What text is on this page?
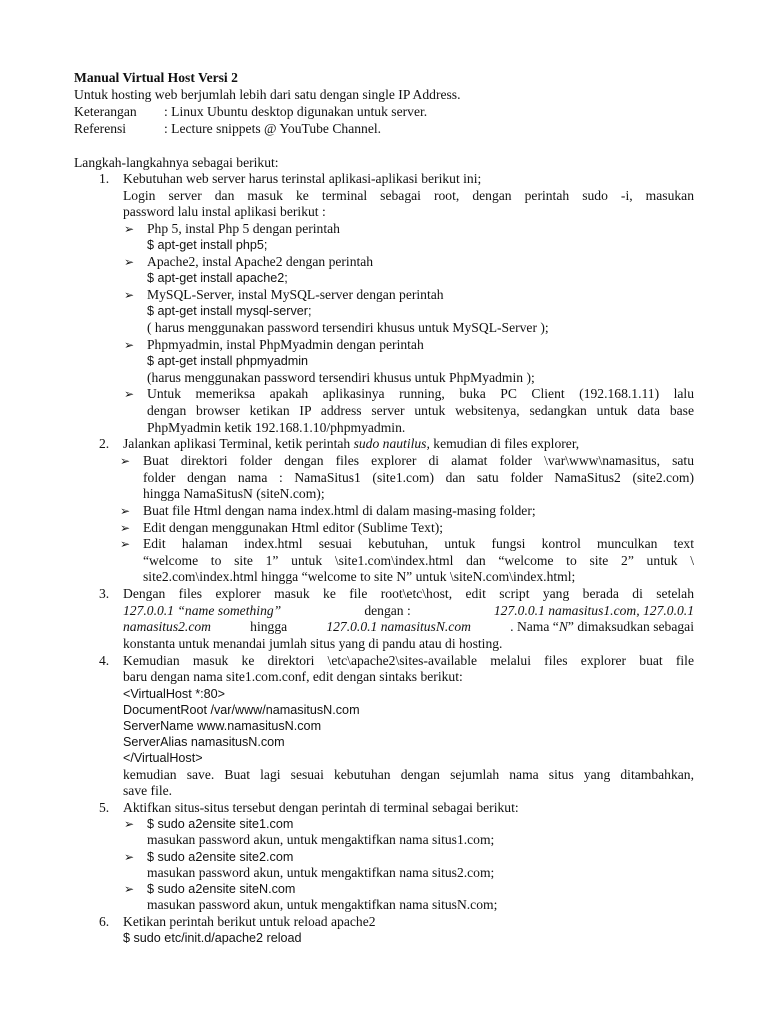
Manual Virtual Host Versi 2
Untuk hosting web berjumlah lebih dari satu dengan single IP Address.
Keterangan : Linux Ubuntu desktop digunakan untuk server.
Referensi	: Lecture snippets @ YouTube Channel.
Langkah-langkahnya sebagai berikut:
1. Kebutuhan web server harus terinstal aplikasi-aplikasi berikut ini;
Login server dan masuk ke terminal sebagai root, dengan perintah sudo -i, masukan
password lalu instal aplikasi berikut :
➢ Php 5, instal Php 5 dengan perintah
$ apt-get install php5;
➢ Apache2, instal Apache2 dengan perintah
$ apt-get install apache2;
➢ MySQL-Server, instal MySQL-server dengan perintah
$ apt-get install mysql-server;
( harus menggunakan password tersendiri khusus untuk MySQL-Server );
➢ Phpmyadmin, instal PhpMyadmin dengan perintah
$ apt-get install phpmyadmin
(harus menggunakan password tersendiri khusus untuk PhpMyadmin );
➢ Untuk memeriksa apakah aplikasinya running, buka PC Client (192.168.1.11) lalu
dengan browser ketikan IP address server untuk websitenya, sedangkan untuk data base
PhpMyadmin ketik 192.168.1.10/phpmyadmin.
2. Jalankan aplikasi Terminal, ketik perintah sudo nautilus, kemudian di files explorer,
➢ Buat direktori folder dengan files explorer di alamat folder \var\www\namasitus, satu
folder dengan nama : NamaSitus1 (site1.com) dan satu folder NamaSitus2 (site2.com)
hingga NamaSitusN (siteN.com);
➢ Buat file Html dengan nama index.html di dalam masing-masing folder;
➢ Edit dengan menggunakan Html editor (Sublime Text);
➢ Edit halaman index.html sesuai kebutuhan, untuk fungsi kontrol munculkan text
“welcome to site 1” untuk \site1.com\index.html dan “welcome to site 2” untuk \
site2.com\index.html hingga “welcome to site N” untuk \siteN.com\index.html;
3. Dengan files explorer masuk ke file root\etc\host, edit script yang berada di setelah
127.0.0.1 “name something”	dengan :	127.0.0.1 namasitus1.com, 127.0.0.1
namasitus2.com	hingga	127.0.0.1 namasitusN.com	. Nama “N” dimaksudkan sebagai
konstanta untuk menandai jumlah situs yang di pandu atau di hosting.
4. Kemudian masuk ke direktori \etc\apache2\sites-available melalui files explorer buat file
baru dengan nama site1.com.conf, edit dengan sintaks berikut:
<VirtualHost *:80>
DocumentRoot /var/www/namasitusN.com
ServerName www.namasitusN.com
ServerAlias namasitusN.com
</VirtualHost>
kemudian save. Buat lagi sesuai kebutuhan dengan sejumlah nama situs yang ditambahkan,
save file.
5. Aktifkan situs-situs tersebut dengan perintah di terminal sebagai berikut:
➢ $ sudo a2ensite site1.com
masukan password akun, untuk mengaktifkan nama situs1.com;
➢ $ sudo a2ensite site2.com
masukan password akun, untuk mengaktifkan nama situs2.com;
➢ $ sudo a2ensite siteN.com
masukan password akun, untuk mengaktifkan nama situsN.com;
6. Ketikan perintah berikut untuk reload apache2
$ sudo etc/init.d/apache2 reload
